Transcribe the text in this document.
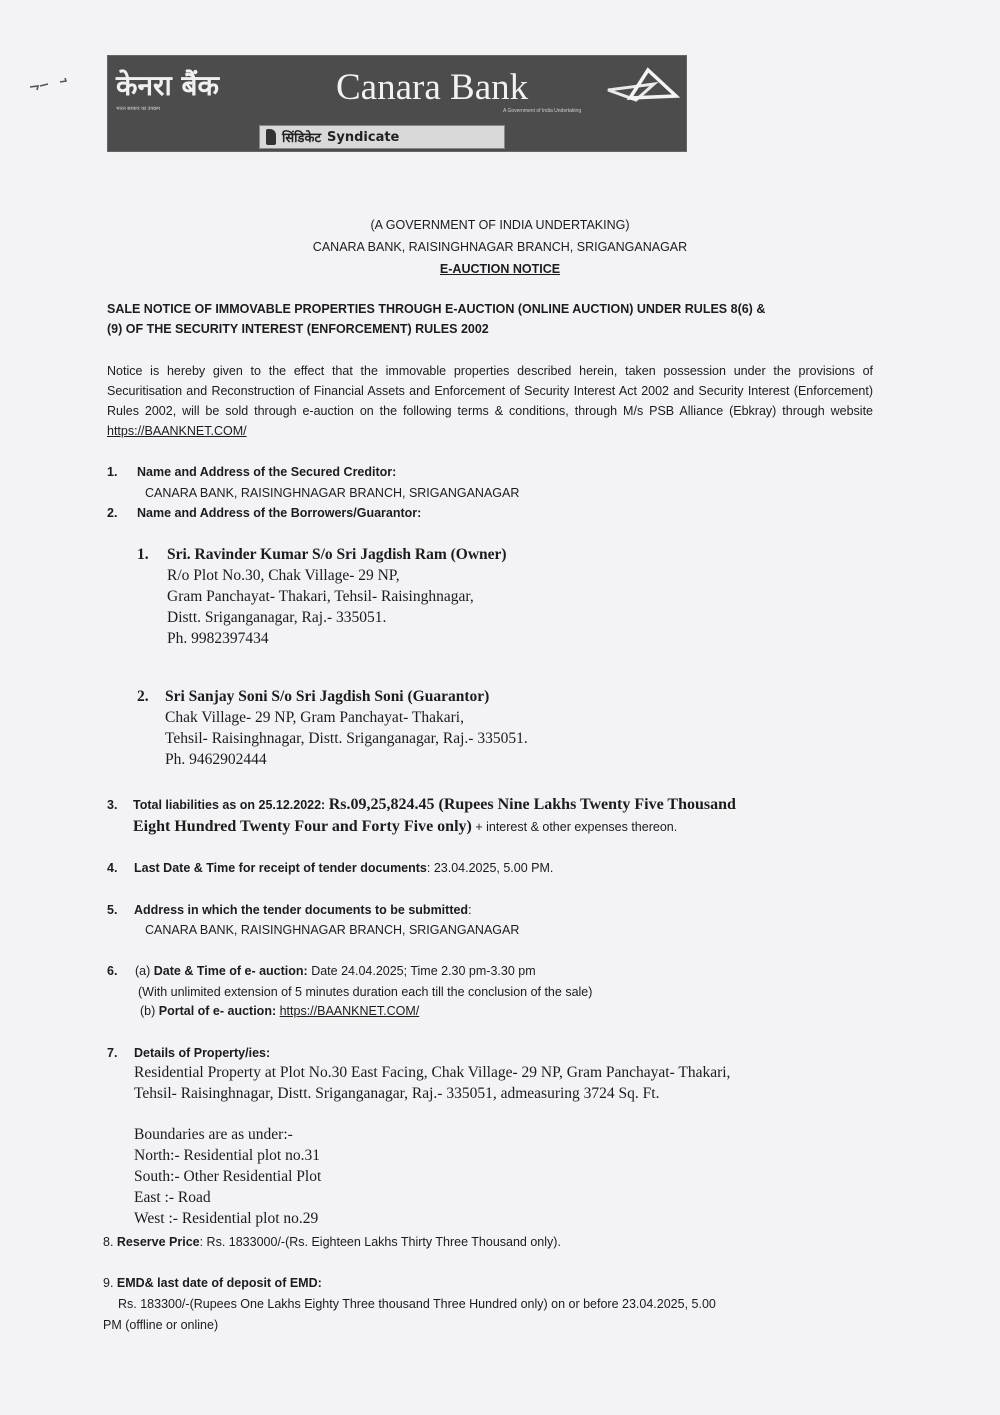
केनरा बैंक
भारत सरकार का उपक्रम
Canara Bank
A Government of India Undertaking
सिंडिकेट Syndicate
(A GOVERNMENT OF INDIA UNDERTAKING)
CANARA BANK, RAISINGHNAGAR BRANCH, SRIGANGANAGAR
E-AUCTION NOTICE
SALE NOTICE OF IMMOVABLE PROPERTIES THROUGH E-AUCTION (ONLINE AUCTION) UNDER RULES 8(6) &
(9) OF THE SECURITY INTEREST (ENFORCEMENT) RULES 2002
Notice is hereby given to the effect that the immovable properties described herein, taken possession under the provisions of Securitisation and Reconstruction of Financial Assets and Enforcement of Security Interest Act 2002 and Security Interest (Enforcement) Rules 2002, will be sold through e-auction on the following terms & conditions, through M/s PSB Alliance (Ebkray) through website https://BAANKNET.COM/
1. Name and Address of the Secured Creditor:
CANARA BANK, RAISINGHNAGAR BRANCH, SRIGANGANAGAR
2. Name and Address of the Borrowers/Guarantor:
1. Sri. Ravinder Kumar S/o Sri Jagdish Ram (Owner)
R/o Plot No.30, Chak Village- 29 NP,
Gram Panchayat- Thakari, Tehsil- Raisinghnagar,
Distt. Sriganganagar, Raj.- 335051.
Ph. 9982397434
2. Sri Sanjay Soni S/o Sri Jagdish Soni (Guarantor)
Chak Village- 29 NP, Gram Panchayat- Thakari,
Tehsil- Raisinghnagar, Distt. Sriganganagar, Raj.- 335051.
Ph. 9462902444
3. Total liabilities as on 25.12.2022: Rs.09,25,824.45 (Rupees Nine Lakhs Twenty Five Thousand
Eight Hundred Twenty Four and Forty Five only) + interest & other expenses thereon.
4. Last Date & Time for receipt of tender documents: 23.04.2025, 5.00 PM.
5. Address in which the tender documents to be submitted:
CANARA BANK, RAISINGHNAGAR BRANCH, SRIGANGANAGAR
6. (a) Date & Time of e- auction: Date 24.04.2025; Time 2.30 pm-3.30 pm
(With unlimited extension of 5 minutes duration each till the conclusion of the sale)
(b) Portal of e- auction: https://BAANKNET.COM/
7. Details of Property/ies:
Residential Property at Plot No.30 East Facing, Chak Village- 29 NP, Gram Panchayat- Thakari,
Tehsil- Raisinghnagar, Distt. Sriganganagar, Raj.- 335051, admeasuring 3724 Sq. Ft.
Boundaries are as under:-
North:- Residential plot no.31
South:- Other Residential Plot
East :- Road
West :- Residential plot no.29
8. Reserve Price: Rs. 1833000/-(Rs. Eighteen Lakhs Thirty Three Thousand only).
9. EMD& last date of deposit of EMD:
Rs. 183300/-(Rupees One Lakhs Eighty Three thousand Three Hundred only) on or before 23.04.2025, 5.00
PM (offline or online)
